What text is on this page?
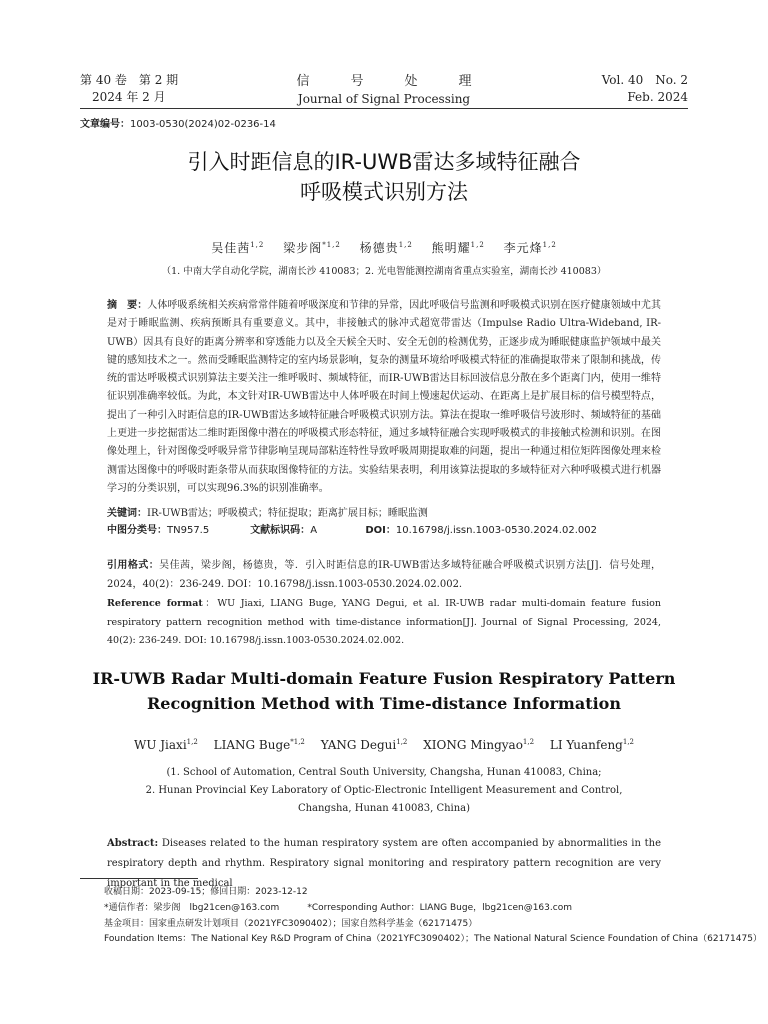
第 40 卷　第 2 期
2024 年 2 月
信　号　处　理
Journal of Signal Processing
Vol. 40　No. 2
Feb. 2024
文章编号：1003-0530(2024)02-0236-14
引入时距信息的IR-UWB雷达多域特征融合
呼吸模式识别方法
吴佳茜$^{1,2}$ 梁步阁$^{*1,2}$ 杨德贵$^{1,2}$ 熊明耀$^{1,2}$ 李元烽$^{1,2}$
（1. 中南大学自动化学院，湖南长沙 410083；2. 光电智能测控湖南省重点实验室，湖南长沙 410083）
摘　要：人体呼吸系统相关疾病常常伴随着呼吸深度和节律的异常，因此呼吸信号监测和呼吸模式识别在医疗健康领域中尤其是对于睡眠监测、疾病预断具有重要意义。其中，非接触式的脉冲式超宽带雷达（Impulse Radio Ultra-Wideband, IR-UWB）因具有良好的距离分辨率和穿透能力以及全天候全天时、安全无创的检测优势，正逐步成为睡眠健康监护领域中最关键的感知技术之一。然而受睡眠监测特定的室内场景影响，复杂的测量环境给呼吸模式特征的准确提取带来了限制和挑战，传统的雷达呼吸模式识别算法主要关注一维呼吸时、频域特征，而IR-UWB雷达目标回波信息分散在多个距离门内，使用一维特征识别准确率较低。为此，本文针对IR-UWB雷达中人体呼吸在时间上慢速起伏运动、在距离上是扩展目标的信号模型特点，提出了一种引入时距信息的IR-UWB雷达多域特征融合呼吸模式识别方法。算法在提取一维呼吸信号波形时、频域特征的基础上更进一步挖掘雷达二维时距图像中潜在的呼吸模式形态特征，通过多域特征融合实现呼吸模式的非接触式检测和识别。在图像处理上，针对图像受呼吸异常节律影响呈现局部粘连特性导致呼吸周期提取难的问题，提出一种通过相位矩阵图像处理来检测雷达图像中的呼吸时距条带从而获取图像特征的方法。实验结果表明，利用该算法提取的多域特征对六种呼吸模式进行机器学习的分类识别，可以实现96.3%的识别准确率。
关键词：IR-UWB雷达；呼吸模式；特征提取；距离扩展目标；睡眠监测
中图分类号：TN957.5	文献标识码：A	DOI：10.16798/j.issn.1003-0530.2024.02.002
引用格式：吴佳茜，梁步阁，杨德贵，等．引入时距信息的IR-UWB雷达多域特征融合呼吸模式识别方法[J]．信号处理，2024，40(2)：236-249. DOI：10.16798/j.issn.1003-0530.2024.02.002.
Reference format：WU Jiaxi, LIANG Buge, YANG Degui, et al. IR-UWB radar multi-domain feature fusion respiratory pattern recognition method with time-distance information[J]. Journal of Signal Processing, 2024, 40(2): 236-249. DOI: 10.16798/j.issn.1003-0530.2024.02.002.
IR-UWB Radar Multi-domain Feature Fusion Respiratory Pattern
Recognition Method with Time-distance Information
WU Jiaxi$^{1,2}$ LIANG Buge$^{*1,2}$ YANG Degui$^{1,2}$ XIONG Mingyao$^{1,2}$ LI Yuanfeng$^{1,2}$
(1. School of Automation, Central South University, Changsha, Hunan 410083, China;
2. Hunan Provincial Key Laboratory of Optic-Electronic Intelligent Measurement and Control,
Changsha, Hunan 410083, China)
Abstract: Diseases related to the human respiratory system are often accompanied by abnormalities in the respiratory depth and rhythm. Respiratory signal monitoring and respiratory pattern recognition are very important in the medical
收稿日期：2023-09-15；修回日期：2023-12-12
*通信作者：梁步阁　lbg21cen@163.com	*Corresponding Author：LIANG Buge，lbg21cen@163.com
基金项目：国家重点研发计划项目（2021YFC3090402）；国家自然科学基金（62171475）
Foundation Items：The National Key R&D Program of China（2021YFC3090402）；The National Natural Science Foundation of China（62171475）
